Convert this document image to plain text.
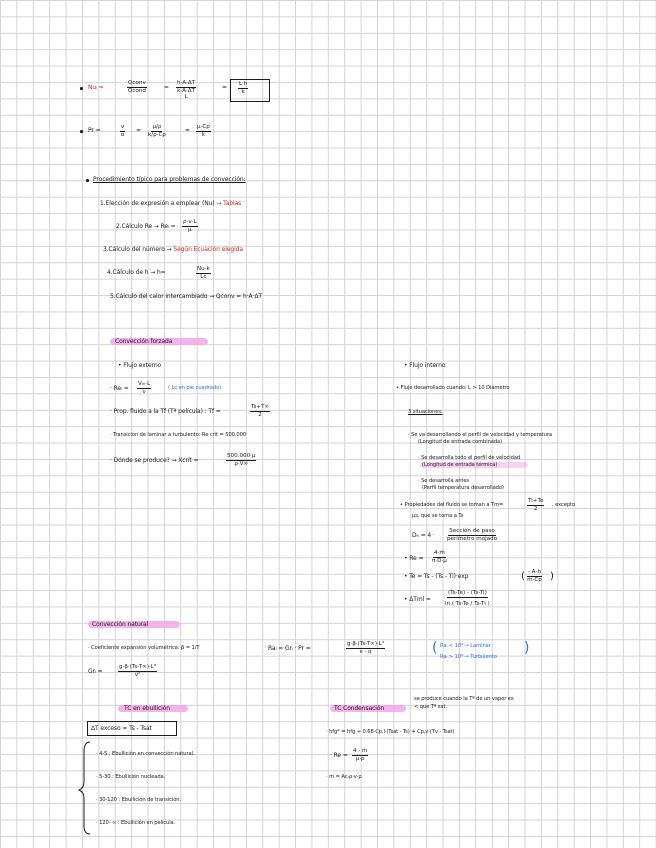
Nuₗ =
Qconv
Qcond	=
h·A·ΔT
k·A·ΔT
L
= $\frac{L\cdot h}{k}$
Pr =	$\frac{\nu}{\alpha} = \frac{\mu/\rho}{k/\rho\cdot Cp}$	= $\frac{\mu\cdot Cp}{k}$
Procedimiento típico para problemas de convección:
1.Elección de expresión a emplear (Nu) → Tablas
2.Cálculo $Re \to Re_l = \frac{\rho\cdot v\cdot L}{\mu}$
3.Cálculo del número → Según Ecuación elegida
4.Cálculo de h → h=	$\frac{Nu\cdot k}{Lc}$
5.Cálculo del calor intercambiado → Qconv = h·A·ΔT
Convección forzada
• Flujo externo
· $Re_l = \frac{\text{Vₘ·L}}{\nu}$	( Lc en pie cuadrado)
· Prop. fluido a la Tf (Tª película) : Tf =	$\frac{Ts+T\infty}{2}$
· Transición de laminar a turbulento: Re crít = 500.000
· Dónde se produce? → Xcrít =	$\frac{500.000\cdot\mu}{\rho\cdot V\infty}$
• Flujo interno
• Flujo desarrollado cuando: L > 10 Diámetro
3 situaciones:
· Se va desarrollando el perfil de velocidad y temperatura
(Longitud de entrada combinada)
· Se desarrolla todo el perfil de velocidad
(Longitud de entrada térmica)
· Se desarrolla antes
(Perfil temperatura desarrollado)
• Propiedades del fluido se toman a Tm=	$\frac{Ti+Te}{2}$ , excepto
μs, que se toma a Ts
Dₕ = 4 ·
Sección de paso
perímetro mojado
• $Re = \frac{\text{4·ṁ}}{\pi\cdot D\cdot\mu}$
• Te = Ts - (Ts - Ti)·exp	( $\frac{- A\cdot h}{\text{ṁ·Cp}}$ )
• ΔTml =	$\frac{(Ts-Te) - (Ts-Ti)}{\ln ( Ts-Te / Ts-Ti )}$
Convección natural
· Coeficiente expansión volumétrica: β = 1/T	Raₗ = Grₗ · Pr =	$\frac{\text{g·β·(Ts-T∞)·L³}}{\nu \cdot \alpha}$	( Raₗ < 10⁹ → Laminar
Raₗ > 10⁹ → Turbulento
)
Grₗ =	$\frac{\text{g·β·(Ts-T∞)·L³}}{\text{ν²}}$
TC en ebullición
ΔT exceso = Ts - Tsat
· 4-5 : Ebullición en convección natural.
· 5-30 : Ebullición nucleada.
· 30-120 : Ebullición de transición.
· 120- ∞ : Ebullición en película.
TC Condensación
se produce cuando la Tª de un vapor es
< que Tª sat.
· hfg* = hfg + 0.68·Cp,l·(Tsat - Ts) + Cp,v·(Tv - Tsat)
· $Re = \frac{\text{4 · ṁ}}{\mu\cdot p}$
· ṁ = Ac·ρ·v·ρ
